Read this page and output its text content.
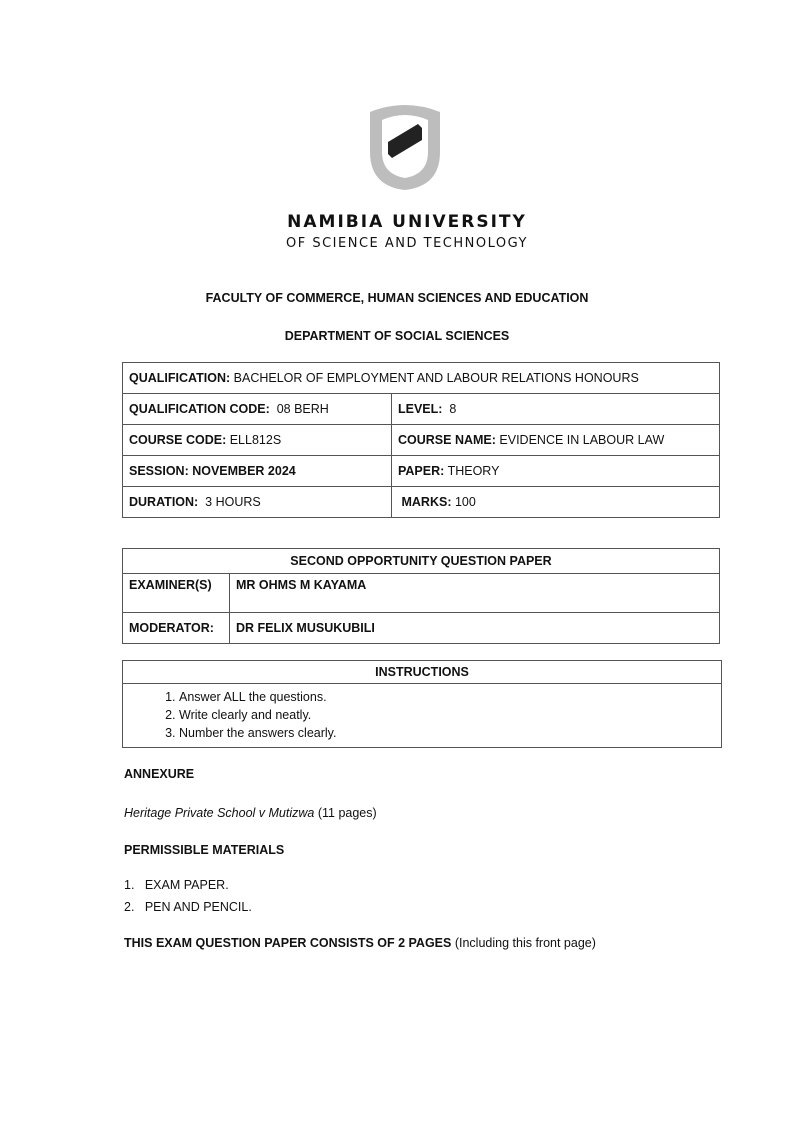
NAMIBIA UNIVERSITY
OF SCIENCE AND TECHNOLOGY
FACULTY OF COMMERCE, HUMAN SCIENCES AND EDUCATION
DEPARTMENT OF SOCIAL SCIENCES
QUALIFICATION: BACHELOR OF EMPLOYMENT AND LABOUR RELATIONS HONOURS	
QUALIFICATION CODE: 08 BERH	LEVEL: 8
COURSE CODE: ELL812S	COURSE NAME: EVIDENCE IN LABOUR LAW
SESSION: NOVEMBER 2024	PAPER: THEORY
DURATION: 3 HOURS	MARKS: 100
SECOND OPPORTUNITY QUESTION PAPER	
EXAMINER(S)	MR OHMS M KAYAMA
MODERATOR:	DR FELIX MUSUKUBILI
INSTRUCTIONS
1. Answer ALL the questions.
2. Write clearly and neatly.
3. Number the answers clearly.
ANNEXURE
Heritage Private School v Mutizwa (11 pages)
PERMISSIBLE MATERIALS
1.   EXAM PAPER.
2.   PEN AND PENCIL.
THIS EXAM QUESTION PAPER CONSISTS OF 2 PAGES (Including this front page)
